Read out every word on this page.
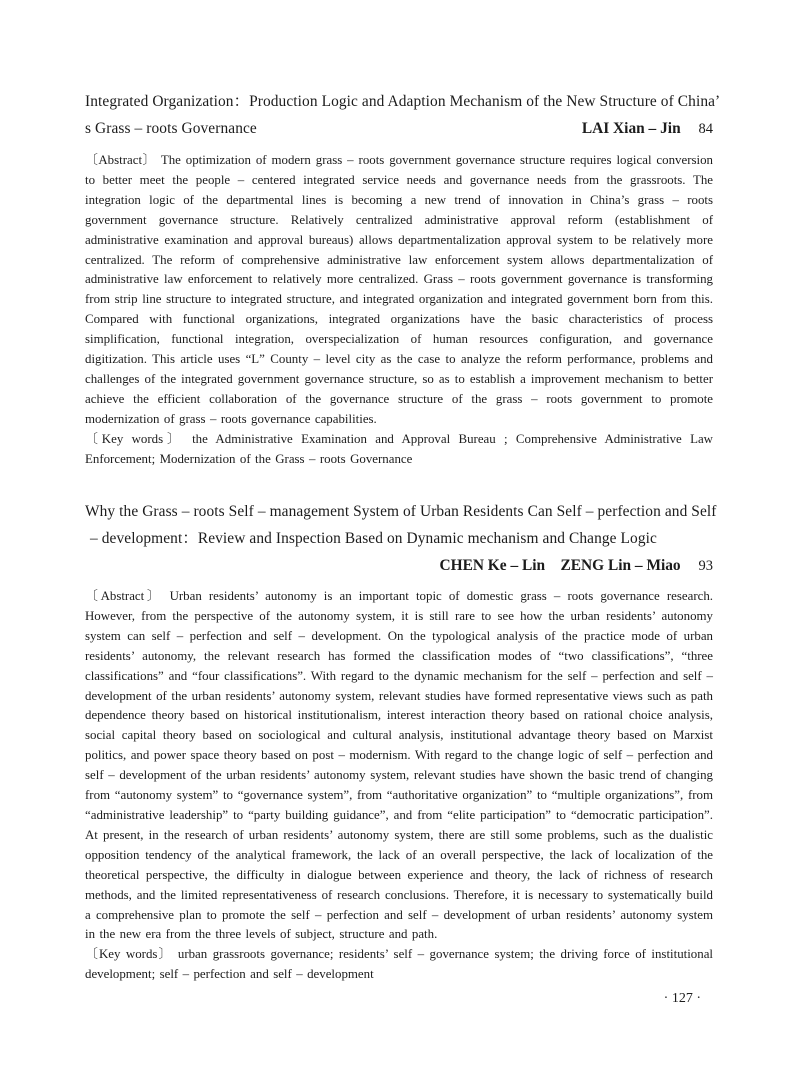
Integrated Organization：Production Logic and Adaption Mechanism of the New Structure of China’
s Grass – roots Governance	LAI Xian – Jin 84

〔Abstract〕 The optimization of modern grass – roots government governance structure requires logical conversion to better meet the people – centered integrated service needs and governance needs from the grassroots. The integration logic of the departmental lines is becoming a new trend of innovation in China’s grass – roots government governance structure. Relatively centralized administrative approval reform (establishment of administrative examination and approval bureaus) allows departmentalization approval system to be relatively more centralized. The reform of comprehensive administrative law enforcement system allows departmentalization of administrative law enforcement to relatively more centralized. Grass – roots government governance is transforming from strip line structure to integrated structure, and integrated organization and integrated government born from this. Compared with functional organizations, integrated organizations have the basic characteristics of process simplification, functional integration, overspecialization of human resources configuration, and governance digitization. This article uses “L” County – level city as the case to analyze the reform performance, problems and challenges of the integrated government governance structure, so as to establish a improvement mechanism to better achieve the efficient collaboration of the governance structure of the grass – roots government to promote modernization of grass – roots governance capabilities.

〔Key words〕 the Administrative Examination and Approval Bureau ; Comprehensive Administrative Law Enforcement; Modernization of the Grass – roots Governance

Why the Grass – roots Self – management System of Urban Residents Can Self – perfection and Self
– development：Review and Inspection Based on Dynamic mechanism and Change Logic
CHEN Ke – Lin　ZENG Lin – Miao 93

〔Abstract〕 Urban residents’ autonomy is an important topic of domestic grass – roots governance research. However, from the perspective of the autonomy system, it is still rare to see how the urban residents’ autonomy system can self – perfection and self – development. On the typological analysis of the practice mode of urban residents’ autonomy, the relevant research has formed the classification modes of “two classifications”, “three classifications” and “four classifications”. With regard to the dynamic mechanism for the self – perfection and self – development of the urban residents’ autonomy system, relevant studies have formed representative views such as path dependence theory based on historical institutionalism, interest interaction theory based on rational choice analysis, social capital theory based on sociological and cultural analysis, institutional advantage theory based on Marxist politics, and power space theory based on post – modernism. With regard to the change logic of self – perfection and self – development of the urban residents’ autonomy system, relevant studies have shown the basic trend of changing from “autonomy system” to “governance system”, from “authoritative organization” to “multiple organizations”, from “administrative leadership” to “party building guidance”, and from “elite participation” to “democratic participation”. At present, in the research of urban residents’ autonomy system, there are still some problems, such as the dualistic opposition tendency of the analytical framework, the lack of an overall perspective, the lack of localization of the theoretical perspective, the difficulty in dialogue between experience and theory, the lack of richness of research methods, and the limited representativeness of research conclusions. Therefore, it is necessary to systematically build a comprehensive plan to promote the self – perfection and self – development of urban residents’ autonomy system in the new era from the three levels of subject, structure and path.

〔Key words〕 urban grassroots governance; residents’ self – governance system; the driving force of institutional development; self – perfection and self – development

· 127 ·
